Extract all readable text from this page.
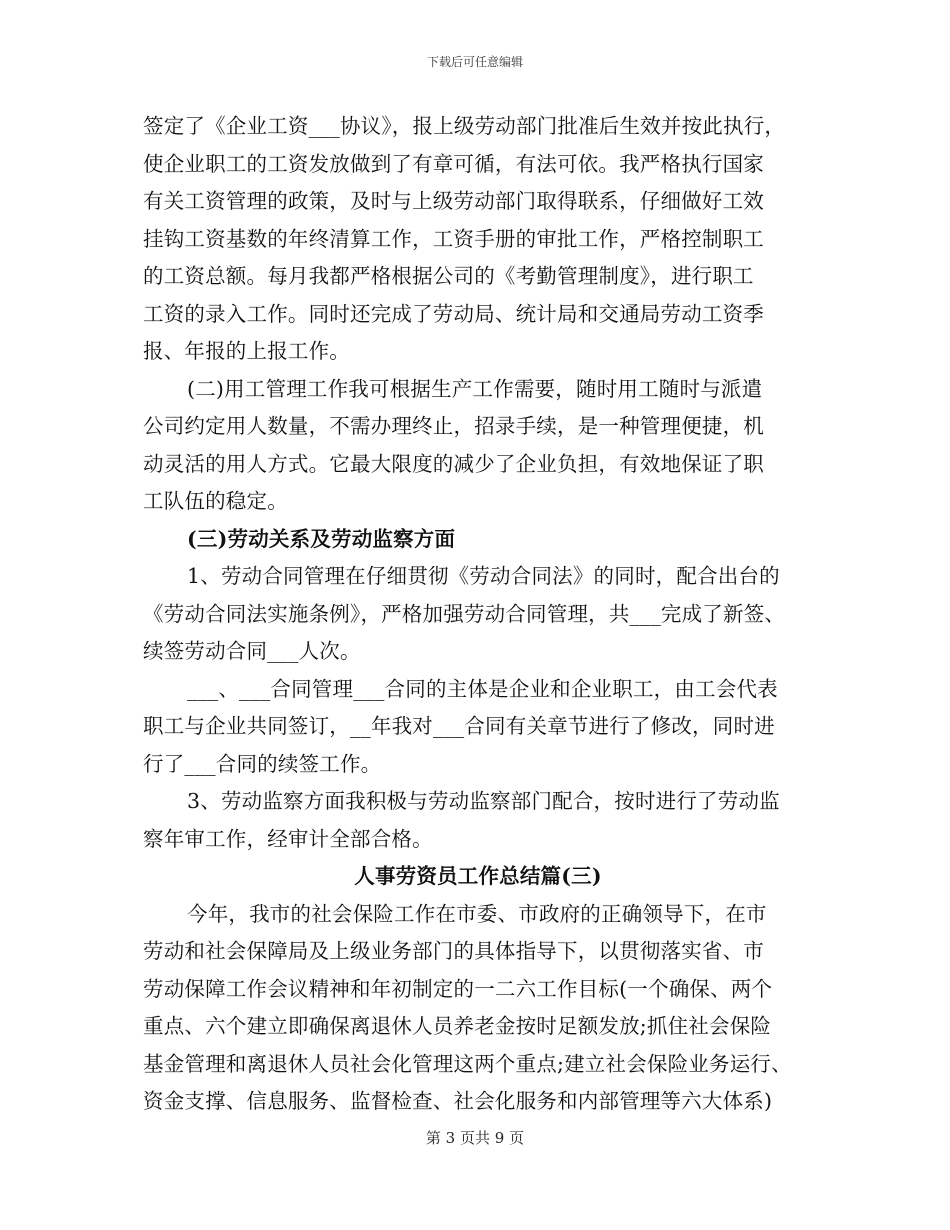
下载后可任意编辑
签定了《企业工资___协议》，报上级劳动部门批准后生效并按此执行，
使企业职工的工资发放做到了有章可循，有法可依。我严格执行国家
有关工资管理的政策，及时与上级劳动部门取得联系，仔细做好工效
挂钩工资基数的年终清算工作，工资手册的审批工作，严格控制职工
的工资总额。每月我都严格根据公司的《考勤管理制度》，进行职工
工资的录入工作。同时还完成了劳动局、统计局和交通局劳动工资季
报、年报的上报工作。
(二)用工管理工作我可根据生产工作需要，随时用工随时与派遣
公司约定用人数量，不需办理终止，招录手续，是一种管理便捷，机
动灵活的用人方式。它最大限度的减少了企业负担，有效地保证了职
工队伍的稳定。
(三)劳动关系及劳动监察方面
1、劳动合同管理在仔细贯彻《劳动合同法》的同时，配合出台的
《劳动合同法实施条例》，严格加强劳动合同管理，共___完成了新签、
续签劳动合同___人次。
___、___合同管理___合同的主体是企业和企业职工，由工会代表
职工与企业共同签订，__年我对___合同有关章节进行了修改，同时进
行了___合同的续签工作。
3、劳动监察方面我积极与劳动监察部门配合，按时进行了劳动监
察年审工作，经审计全部合格。
人事劳资员工作总结篇(三)
今年，我市的社会保险工作在市委、市政府的正确领导下，在市
劳动和社会保障局及上级业务部门的具体指导下，以贯彻落实省、市
劳动保障工作会议精神和年初制定的一二六工作目标(一个确保、两个
重点、六个建立即确保离退休人员养老金按时足额发放;抓住社会保险
基金管理和离退休人员社会化管理这两个重点;建立社会保险业务运行、
资金支撑、信息服务、监督检查、社会化服务和内部管理等六大体系)
第 3 页共 9 页
